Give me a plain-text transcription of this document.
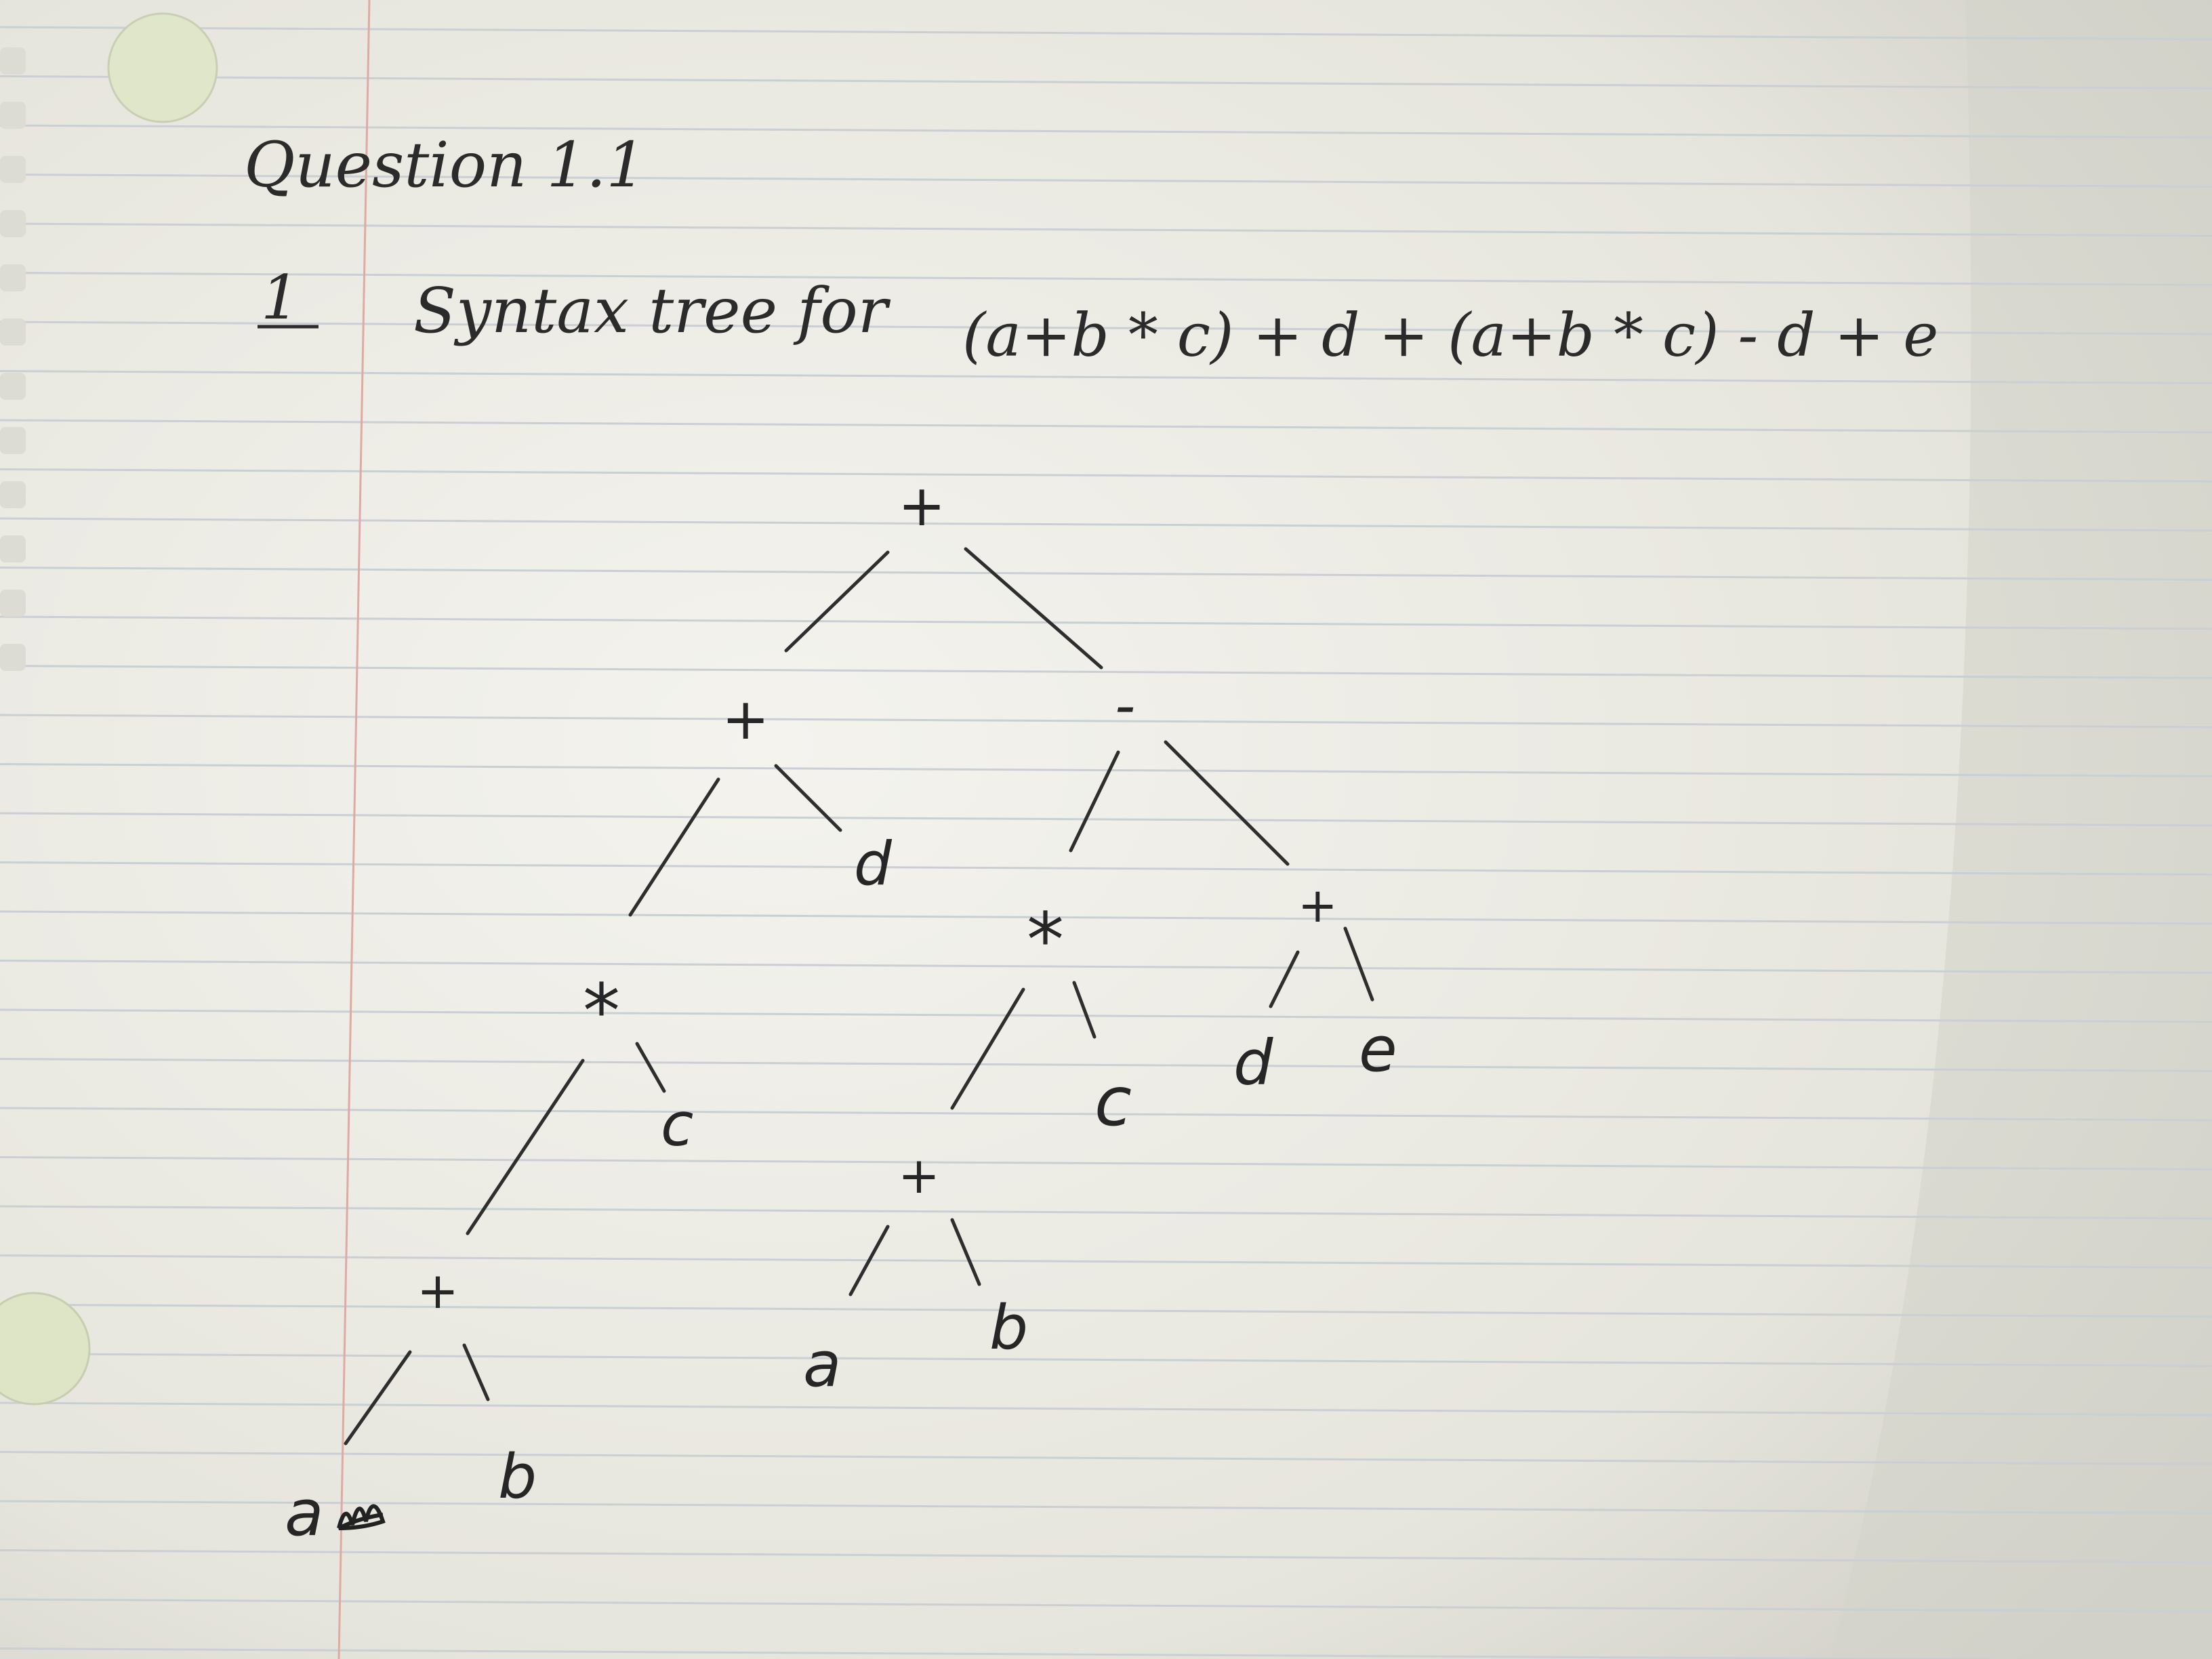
Question 1.1
1 Syntax tree for (a+b * c) + d + (a+b * c) - d + e
+
+
d
*
c
+
a	b
-
*
c
+
a
b
+
d e
